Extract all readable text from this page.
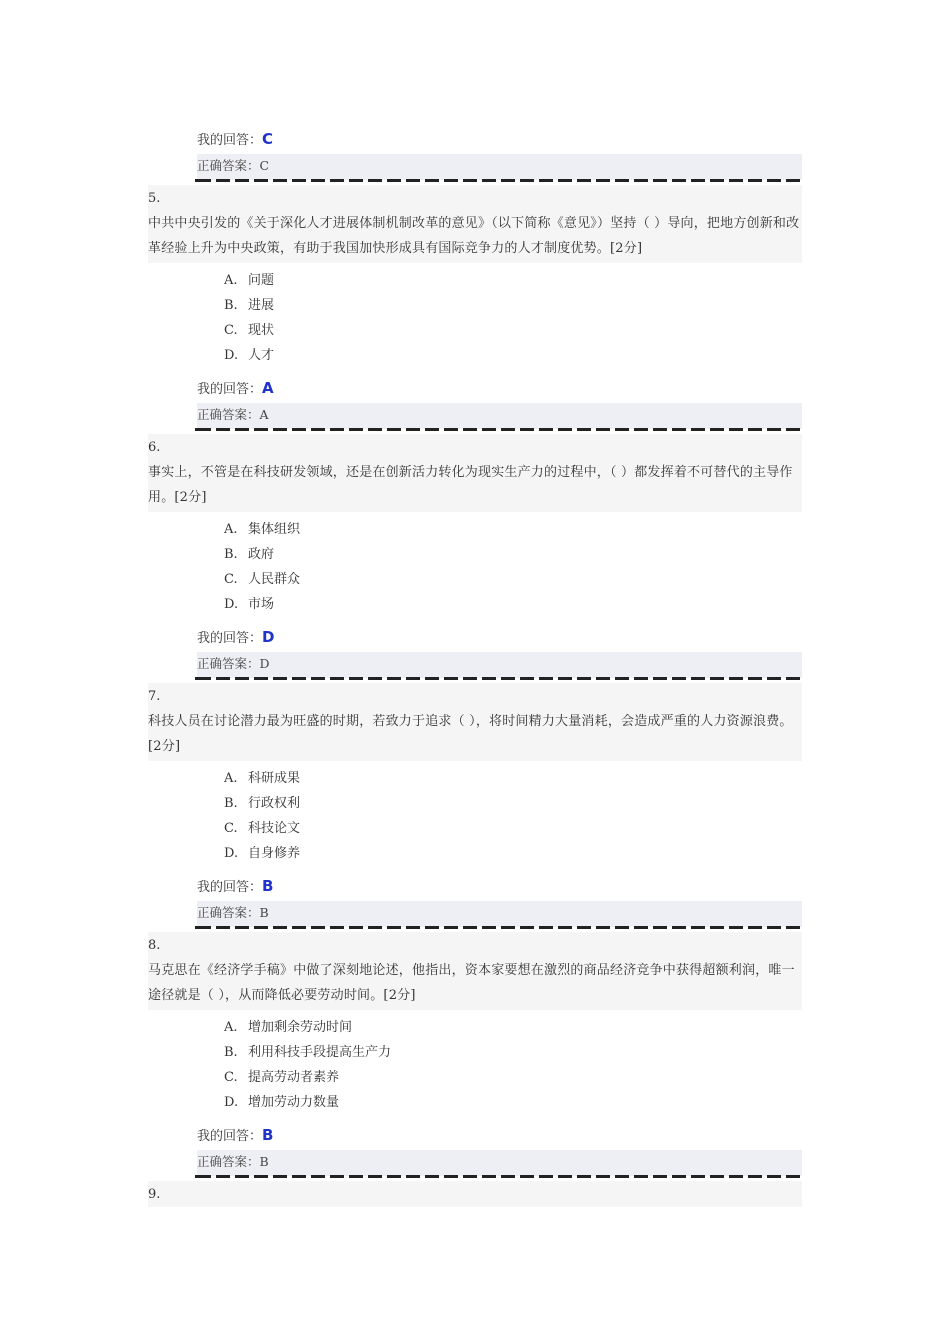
我的回答：C
正确答案：C
5.
中共中央引发的《关于深化人才进展体制机制改革的意见》（以下简称《意见》）坚持（ ）导向，把地方创新和改革经验上升为中央政策，有助于我国加快形成具有国际竞争力的人才制度优势。[2分]
A. 问题
B. 进展
C. 现状
D. 人才
我的回答：A
正确答案：A
6.
事实上，不管是在科技研发领域，还是在创新活力转化为现实生产力的过程中，（ ）都发挥着不可替代的主导作用。[2分]
A. 集体组织
B. 政府
C. 人民群众
D. 市场
我的回答：D
正确答案：D
7.
科技人员在讨论潜力最为旺盛的时期，若致力于追求（ ），将时间精力大量消耗，会造成严重的人力资源浪费。[2分]
A. 科研成果
B. 行政权利
C. 科技论文
D. 自身修养
我的回答：B
正确答案：B
8.
马克思在《经济学手稿》中做了深刻地论述，他指出，资本家要想在激烈的商品经济竞争中获得超额利润，唯一途径就是（ ），从而降低必要劳动时间。[2分]
A. 增加剩余劳动时间
B. 利用科技手段提高生产力
C. 提高劳动者素养
D. 增加劳动力数量
我的回答：B
正确答案：B
9.
